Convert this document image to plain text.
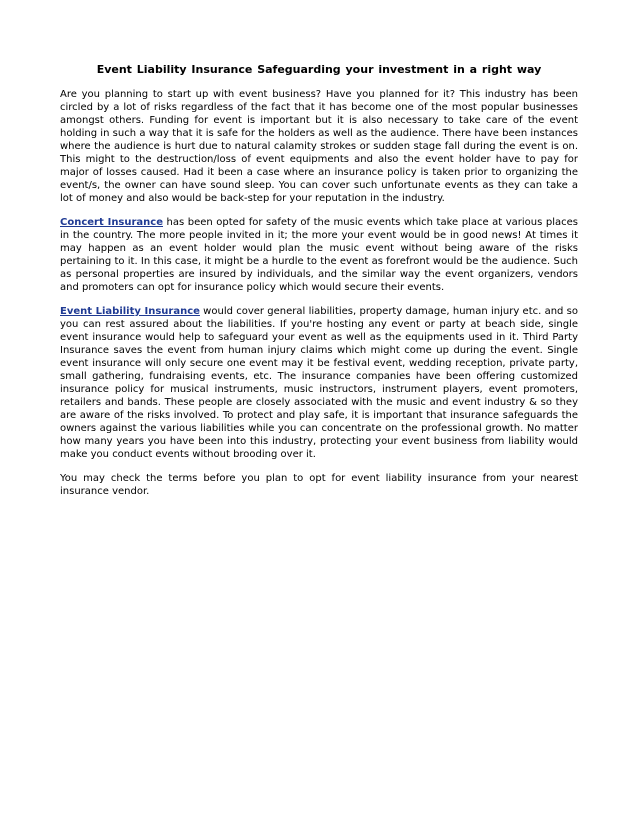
Event Liability Insurance Safeguarding your investment in a right way

Are you planning to start up with event business? Have you planned for it? This industry has been circled by a lot of risks regardless of the fact that it has become one of the most popular businesses amongst others. Funding for event is important but it is also necessary to take care of the event holding in such a way that it is safe for the holders as well as the audience. There have been instances where the audience is hurt due to natural calamity strokes or sudden stage fall during the event is on. This might to the destruction/loss of event equipments and also the event holder have to pay for major of losses caused. Had it been a case where an insurance policy is taken prior to organizing the event/s, the owner can have sound sleep. You can cover such unfortunate events as they can take a lot of money and also would be back-step for your reputation in the industry.

Concert Insurance has been opted for safety of the music events which take place at various places in the country. The more people invited in it; the more your event would be in good news! At times it may happen as an event holder would plan the music event without being aware of the risks pertaining to it. In this case, it might be a hurdle to the event as forefront would be the audience. Such as personal properties are insured by individuals, and the similar way the event organizers, vendors and promoters can opt for insurance policy which would secure their events.

Event Liability Insurance would cover general liabilities, property damage, human injury etc. and so you can rest assured about the liabilities. If you're hosting any event or party at beach side, single event insurance would help to safeguard your event as well as the equipments used in it. Third Party Insurance saves the event from human injury claims which might come up during the event. Single event insurance will only secure one event may it be festival event, wedding reception, private party, small gathering, fundraising events, etc. The insurance companies have been offering customized insurance policy for musical instruments, music instructors, instrument players, event promoters, retailers and bands. These people are closely associated with the music and event industry & so they are aware of the risks involved. To protect and play safe, it is important that insurance safeguards the owners against the various liabilities while you can concentrate on the professional growth. No matter how many years you have been into this industry, protecting your event business from liability would make you conduct events without brooding over it.

You may check the terms before you plan to opt for event liability insurance from your nearest insurance vendor.
